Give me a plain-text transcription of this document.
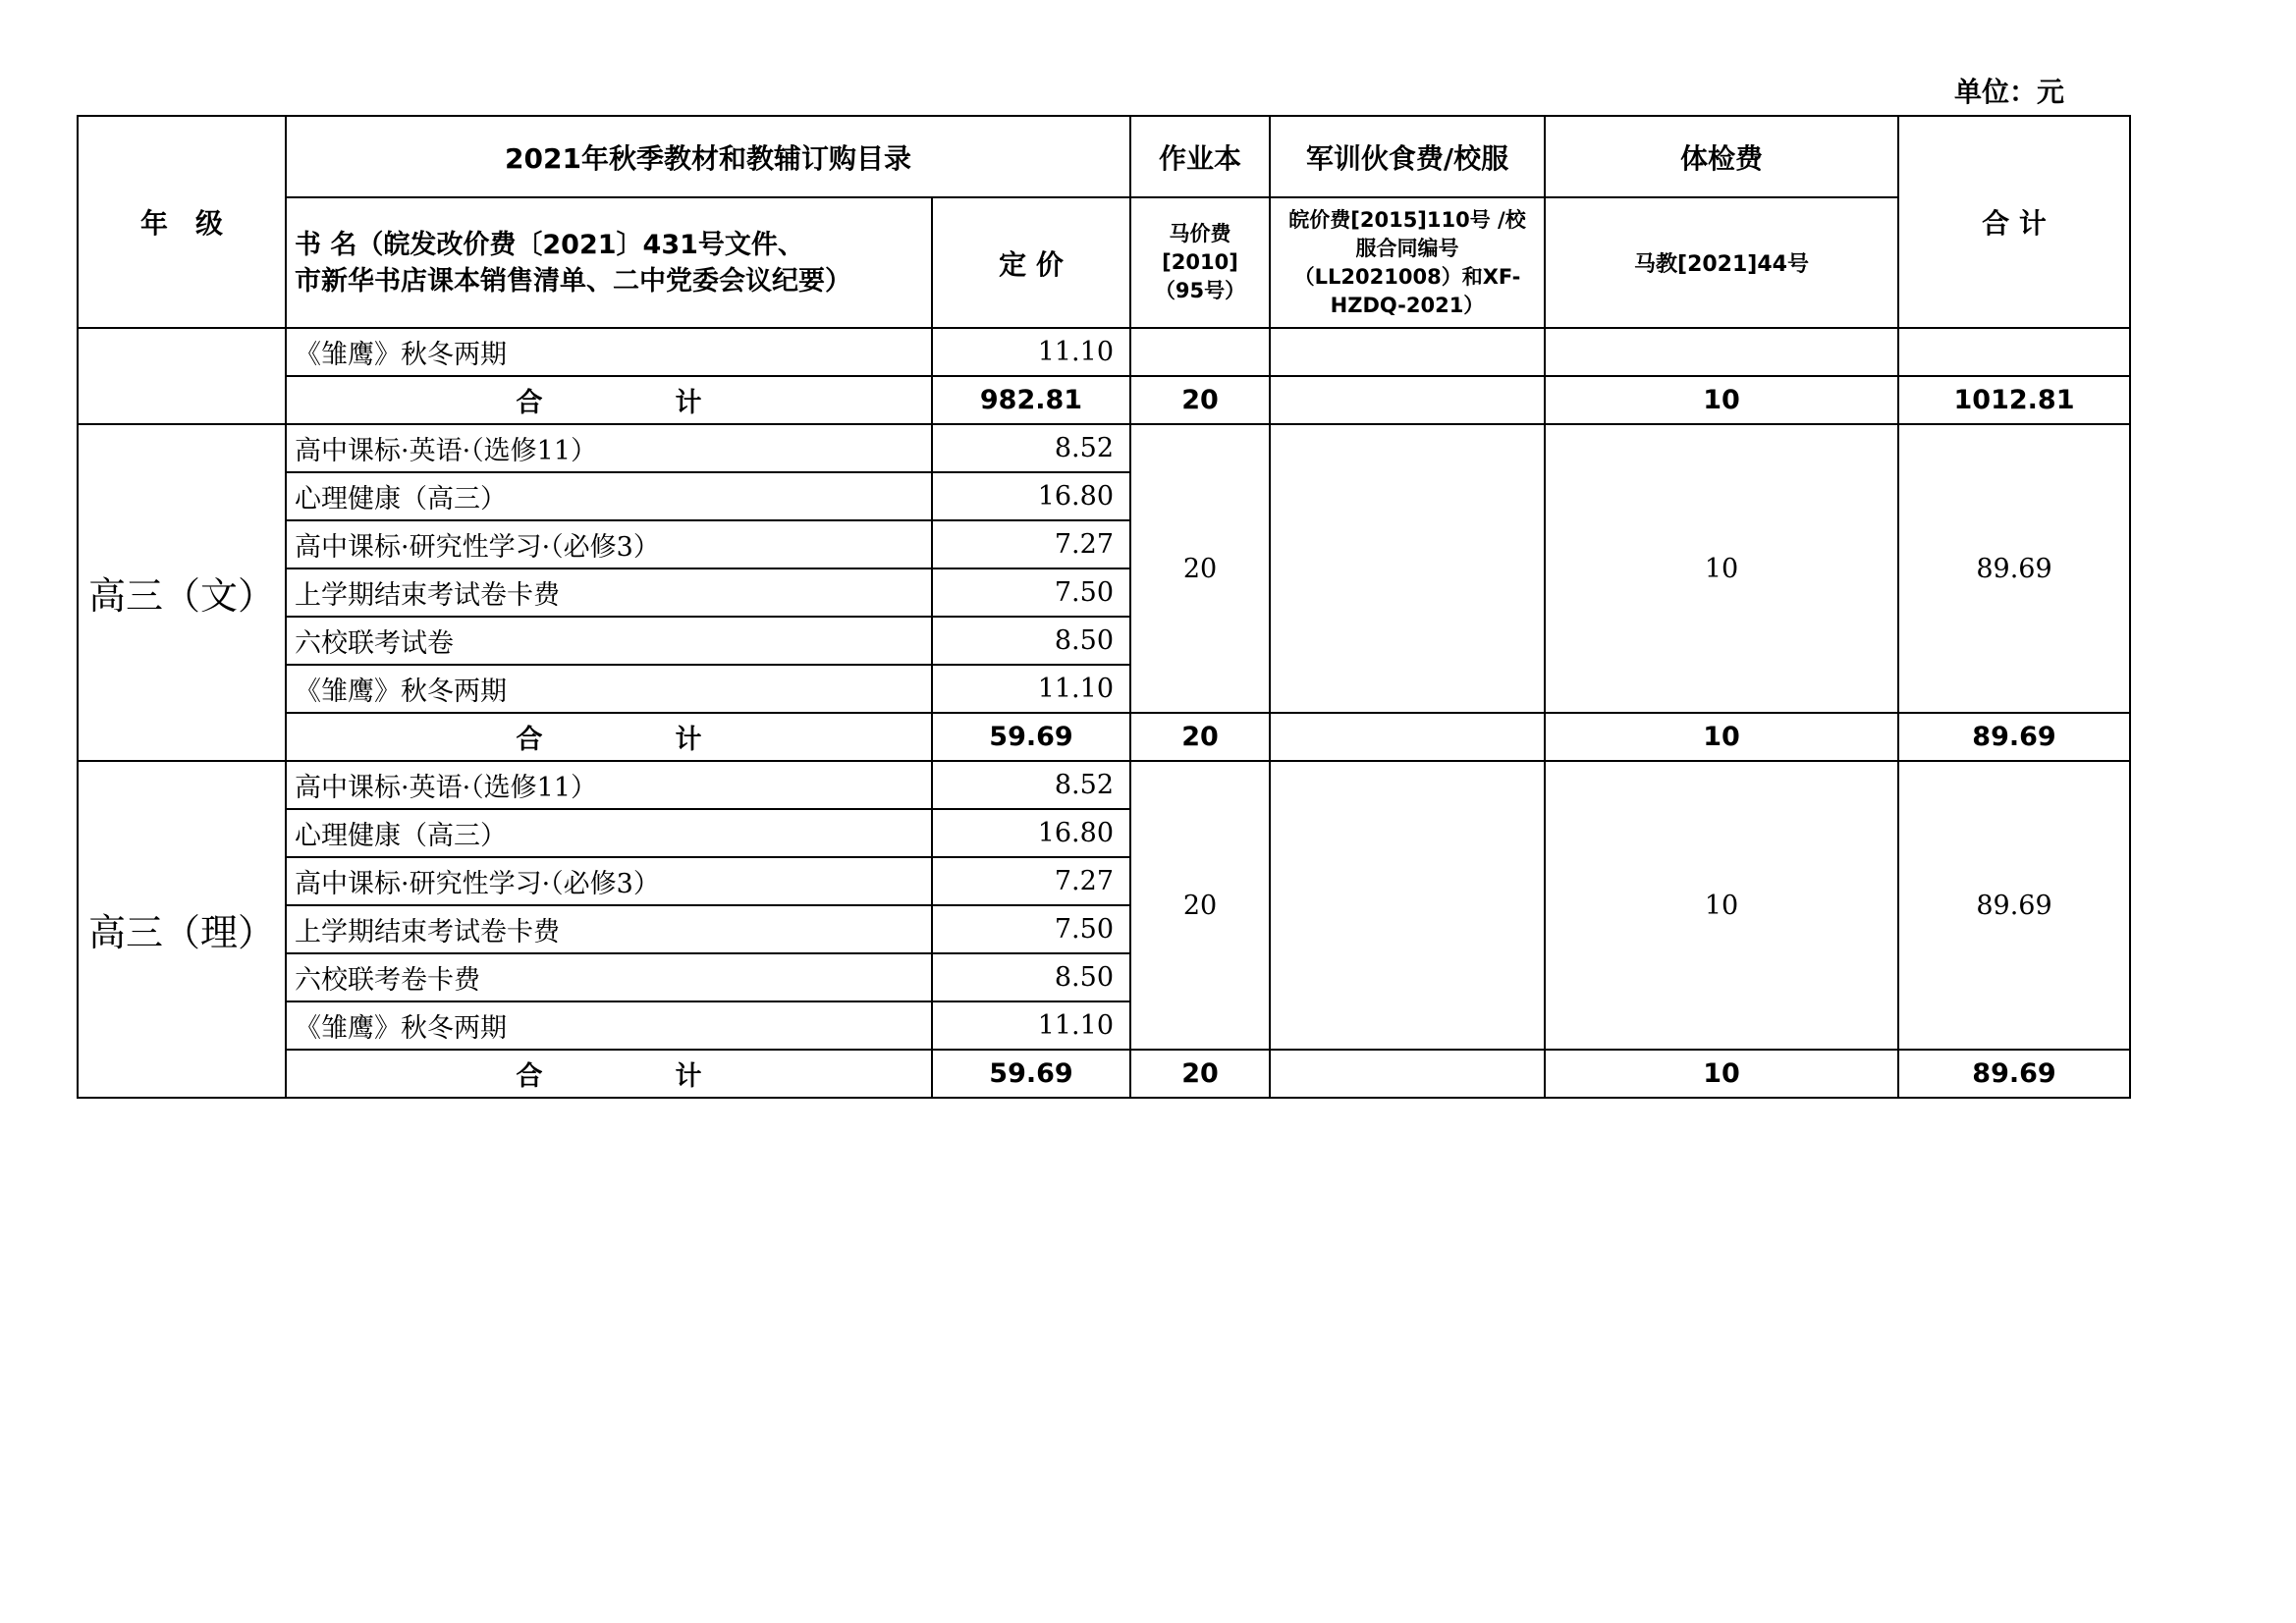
单位：元
年　级	2021年秋季教材和教辅订购目录		作业本	军训伙食费/校服	体检费	合 计

	书 名（皖发改价费〔2021〕431号文件、
市新华书店课本销售清单、二中党委会议纪要）	定 价	马价费[2010]（95号）	皖价费[2015]110号 /校服合同编号（LL2021008）和XF-HZDQ-2021）	马教[2021]44号	
	《雏鹰》秋冬两期	11.10				
	合　　　　　计	982.81	20		10	1012.81
高三（文）	高中课标·英语·（选修11）	8.52	20		10	89.69
	心理健康（高三）	16.80				
	高中课标·研究性学习·（必修3）	7.27				
	上学期结束考试卷卡费	7.50				
	六校联考试卷	8.50				
	《雏鹰》秋冬两期	11.10				
	合　　　　　计	59.69	20		10	89.69
高三（理）	高中课标·英语·（选修11）	8.52	20		10	89.69
	心理健康（高三）	16.80				
	高中课标·研究性学习·（必修3）	7.27				
	上学期结束考试卷卡费	7.50				
	六校联考卷卡费	8.50				
	《雏鹰》秋冬两期	11.10				
	合　　　　　计	59.69	20		10	89.69
